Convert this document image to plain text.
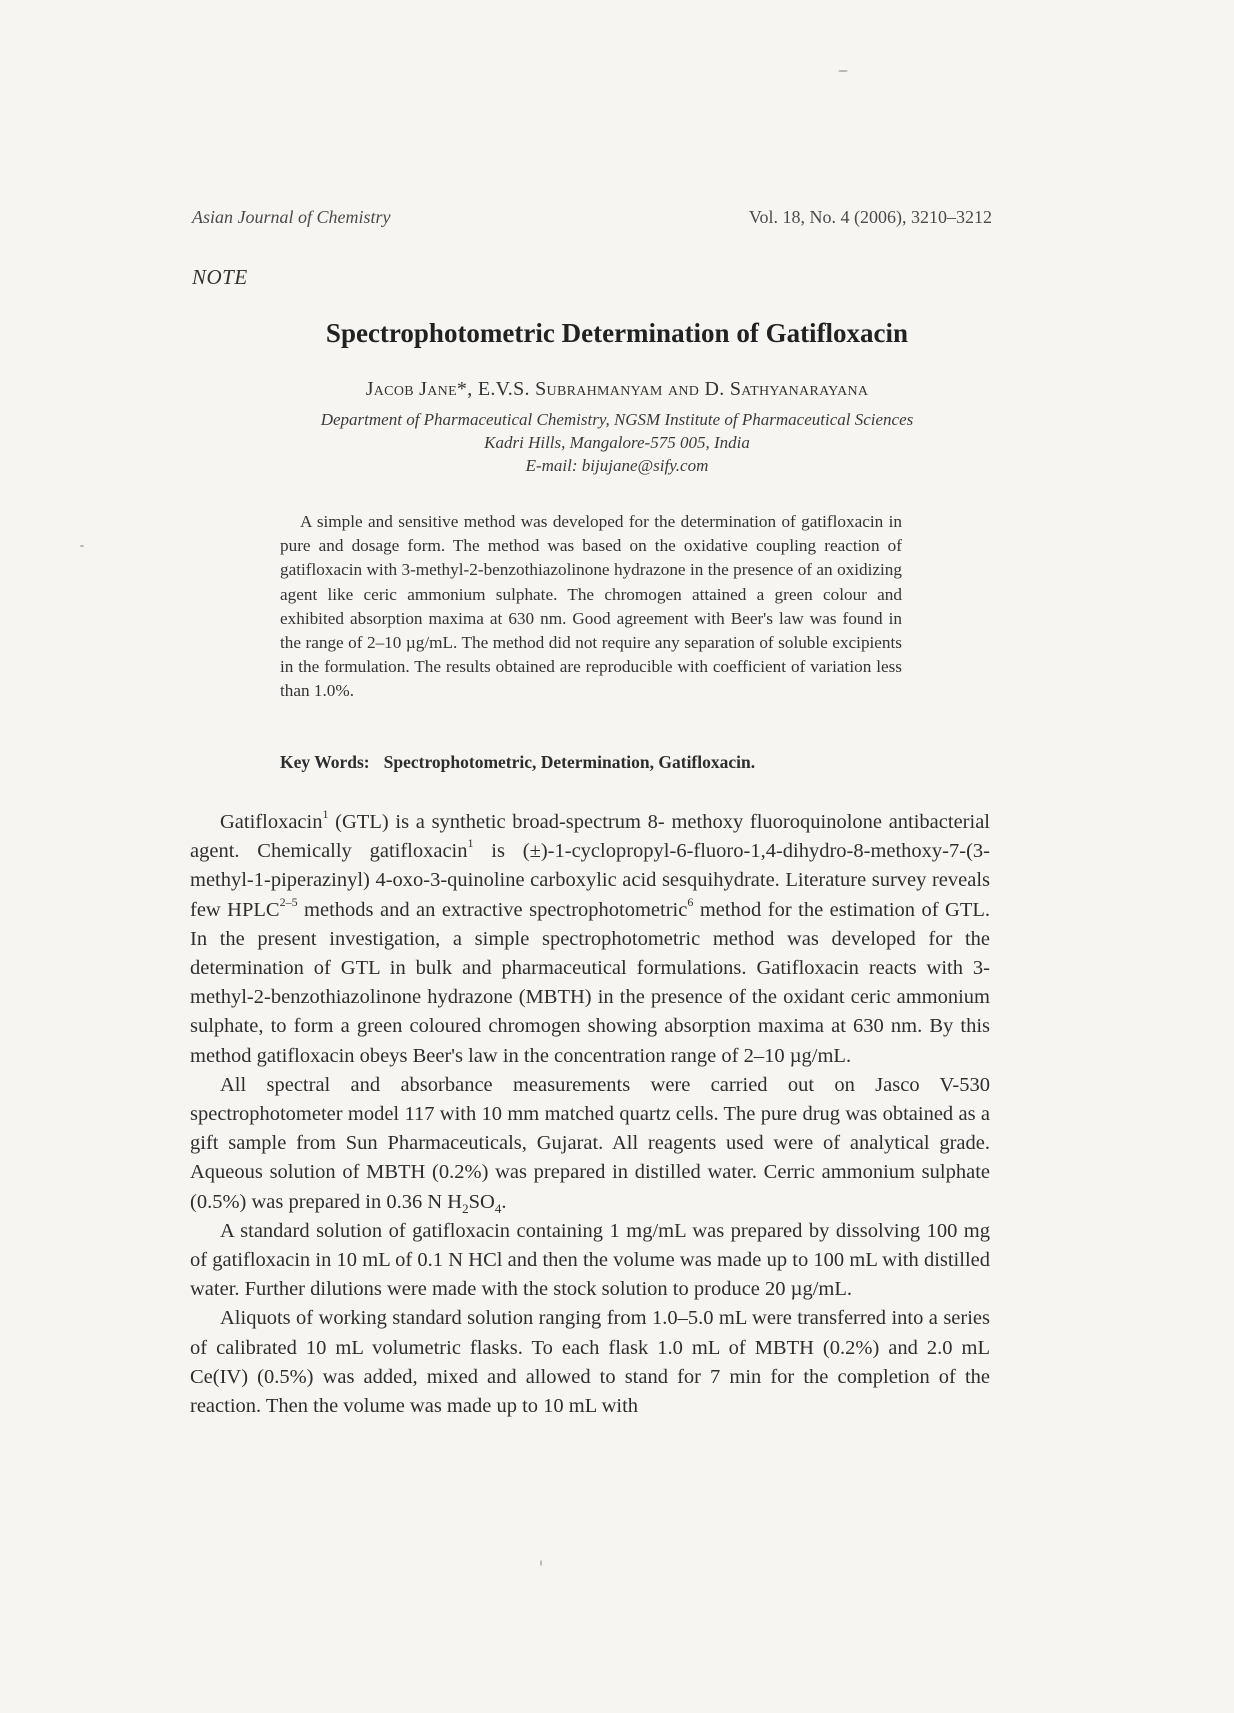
Asian Journal of Chemistry	Vol. 18, No. 4 (2006), 3210–3212
NOTE
Spectrophotometric Determination of Gatifloxacin
Jacob Jane*, E.V.S. Subrahmanyam and D. Sathyanarayana
Department of Pharmaceutical Chemistry, NGSM Institute of Pharmaceutical Sciences
Kadri Hills, Mangalore-575 005, India
E-mail: bijujane@sify.com
A simple and sensitive method was developed for the determination of gatifloxacin in pure and dosage form. The method was based on the oxidative coupling reaction of gatifloxacin with 3-methyl-2-benzothiazolinone hydrazone in the presence of an oxidizing agent like ceric ammonium sulphate. The chromogen attained a green colour and exhibited absorption maxima at 630 nm. Good agreement with Beer's law was found in the range of 2–10 µg/mL. The method did not require any separation of soluble excipients in the formulation. The results obtained are reproducible with coefficient of variation less than 1.0%.
Key Words: Spectrophotometric, Determination, Gatifloxacin.

Gatifloxacin$^1$ (GTL) is a synthetic broad-spectrum 8- methoxy fluoroquinolone antibacterial agent. Chemically gatifloxacin$^1$ is (±)-1-cyclopropyl-6-fluoro-1,4-dihydro-8-methoxy-7-(3-methyl-1-piperazinyl) 4-oxo-3-quinoline carboxylic acid sesquihydrate. Literature survey reveals few HPLC$^{2-5}$ methods and an extractive spectrophotometric$^6$ method for the estimation of GTL. In the present investigation, a simple spectrophotometric method was developed for the determination of GTL in bulk and pharmaceutical formulations. Gatifloxacin reacts with 3-methyl-2-benzothiazolinone hydrazone (MBTH) in the presence of the oxidant ceric ammonium sulphate, to form a green coloured chromogen showing absorption maxima at 630 nm. By this method gatifloxacin obeys Beer's law in the concentration range of 2–10 µg/mL.

All spectral and absorbance measurements were carried out on Jasco V-530 spectrophotometer model 117 with 10 mm matched quartz cells. The pure drug was obtained as a gift sample from Sun Pharmaceuticals, Gujarat. All reagents used were of analytical grade. Aqueous solution of MBTH (0.2%) was prepared in distilled water. Cerric ammonium sulphate (0.5%) was prepared in 0.36 N $H_2SO_4$.

A standard solution of gatifloxacin containing 1 mg/mL was prepared by dissolving 100 mg of gatifloxacin in 10 mL of 0.1 N HCl and then the volume was made up to 100 mL with distilled water. Further dilutions were made with the stock solution to produce 20 µg/mL.

Aliquots of working standard solution ranging from 1.0–5.0 mL were transferred into a series of calibrated 10 mL volumetric flasks. To each flask 1.0 mL of MBTH (0.2%) and 2.0 mL Ce(IV) (0.5%) was added, mixed and allowed to stand for 7 min for the completion of the reaction. Then the volume was made up to 10 mL with
